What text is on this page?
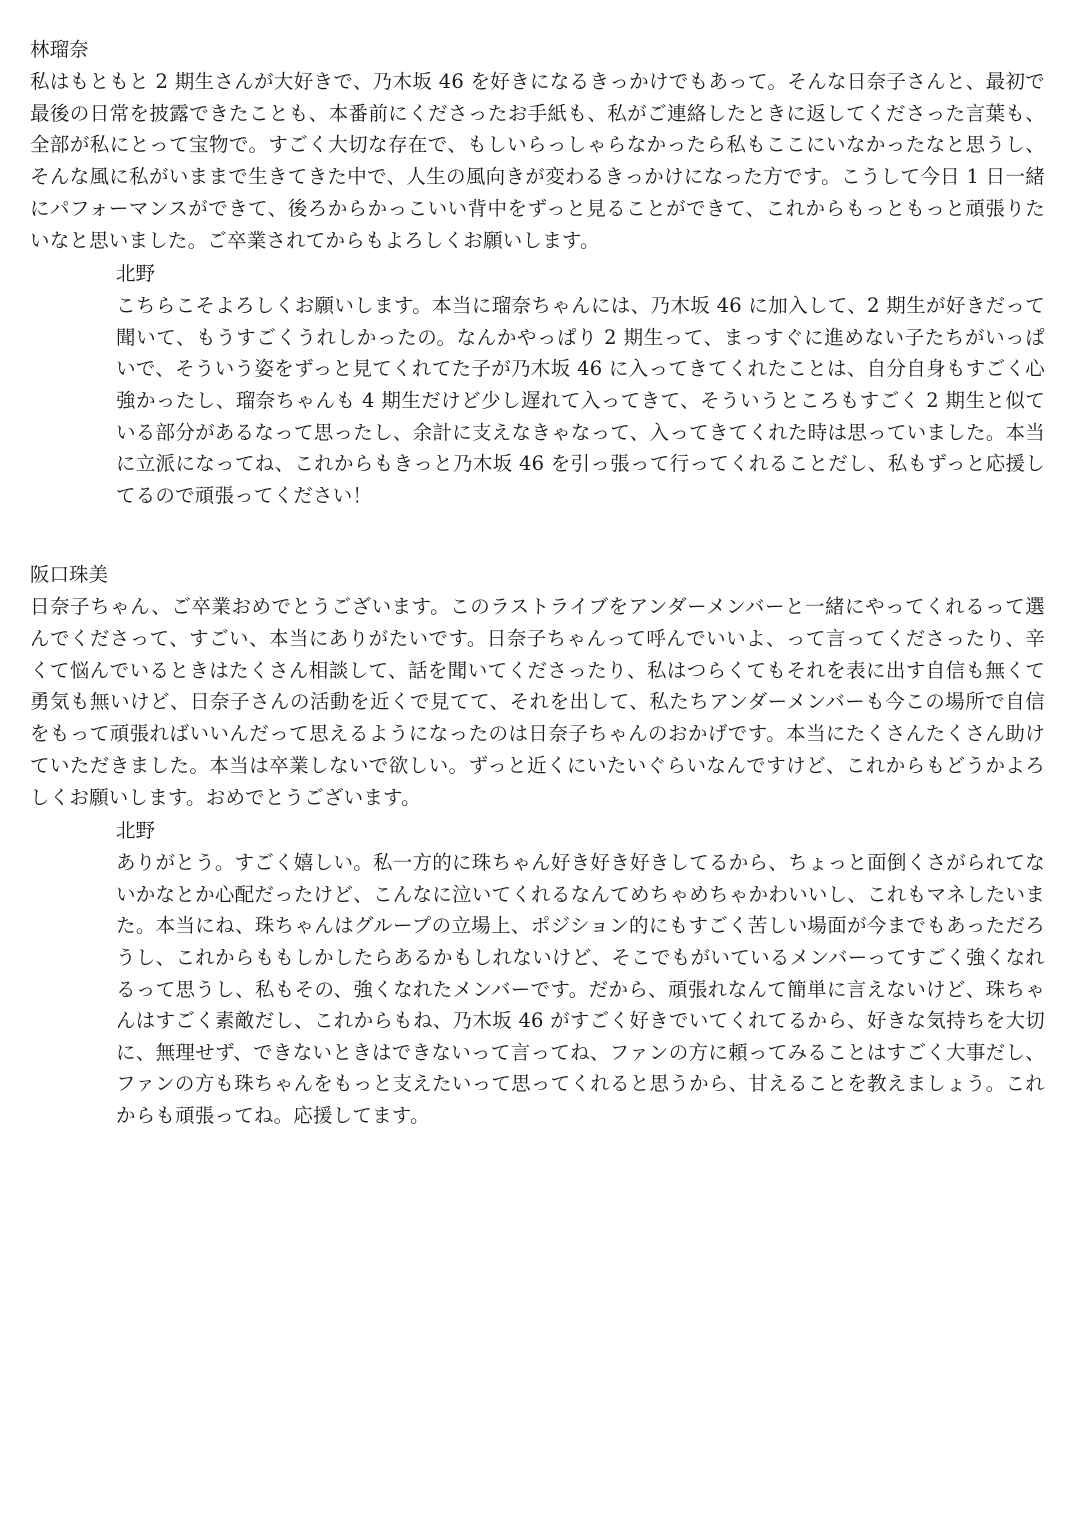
林瑠奈

私はもともと 2 期生さんが大好きで、乃木坂 46 を好きになるきっかけでもあって。そんな日奈子さんと、最初で最後の日常を披露できたことも、本番前にくださったお手紙も、私がご連絡したときに返してくださった言葉も、全部が私にとって宝物で。すごく大切な存在で、もしいらっしゃらなかったら私もここにいなかったなと思うし、そんな風に私がいままで生きてきた中で、人生の風向きが変わるきっかけになった方です。こうして今日 1 日一緒にパフォーマンスができて、後ろからかっこいい背中をずっと見ることができて、これからもっともっと頑張りたいなと思いました。ご卒業されてからもよろしくお願いします。

北野

こちらこそよろしくお願いします。本当に瑠奈ちゃんには、乃木坂 46 に加入して、2 期生が好きだって聞いて、もうすごくうれしかったの。なんかやっぱり 2 期生って、まっすぐに進めない子たちがいっぱいで、そういう姿をずっと見てくれてた子が乃木坂 46 に入ってきてくれたことは、自分自身もすごく心強かったし、瑠奈ちゃんも 4 期生だけど少し遅れて入ってきて、そういうところもすごく 2 期生と似ている部分があるなって思ったし、余計に支えなきゃなって、入ってきてくれた時は思っていました。本当に立派になってね、これからもきっと乃木坂 46 を引っ張って行ってくれることだし、私もずっと応援してるので頑張ってください！

阪口珠美

日奈子ちゃん、ご卒業おめでとうございます。このラストライブをアンダーメンバーと一緒にやってくれるって選んでくださって、すごい、本当にありがたいです。日奈子ちゃんって呼んでいいよ、って言ってくださったり、辛くて悩んでいるときはたくさん相談して、話を聞いてくださったり、私はつらくてもそれを表に出す自信も無くて勇気も無いけど、日奈子さんの活動を近くで見てて、それを出して、私たちアンダーメンバーも今この場所で自信をもって頑張ればいいんだって思えるようになったのは日奈子ちゃんのおかげです。本当にたくさんたくさん助けていただきました。本当は卒業しないで欲しい。ずっと近くにいたいぐらいなんですけど、これからもどうかよろしくお願いします。おめでとうございます。

北野

ありがとう。すごく嬉しい。私一方的に珠ちゃん好き好き好きしてるから、ちょっと面倒くさがられてないかなとか心配だったけど、こんなに泣いてくれるなんてめちゃめちゃかわいいし、これもマネしたいまた。本当にね、珠ちゃんはグループの立場上、ポジション的にもすごく苦しい場面が今までもあっただろうし、これからももしかしたらあるかもしれないけど、そこでもがいているメンバーってすごく強くなれるって思うし、私もその、強くなれたメンバーです。だから、頑張れなんて簡単に言えないけど、珠ちゃんはすごく素敵だし、これからもね、乃木坂 46 がすごく好きでいてくれてるから、好きな気持ちを大切に、無理せず、できないときはできないって言ってね、ファンの方に頼ってみることはすごく大事だし、ファンの方も珠ちゃんをもっと支えたいって思ってくれると思うから、甘えることを教えましょう。これからも頑張ってね。応援してます。
